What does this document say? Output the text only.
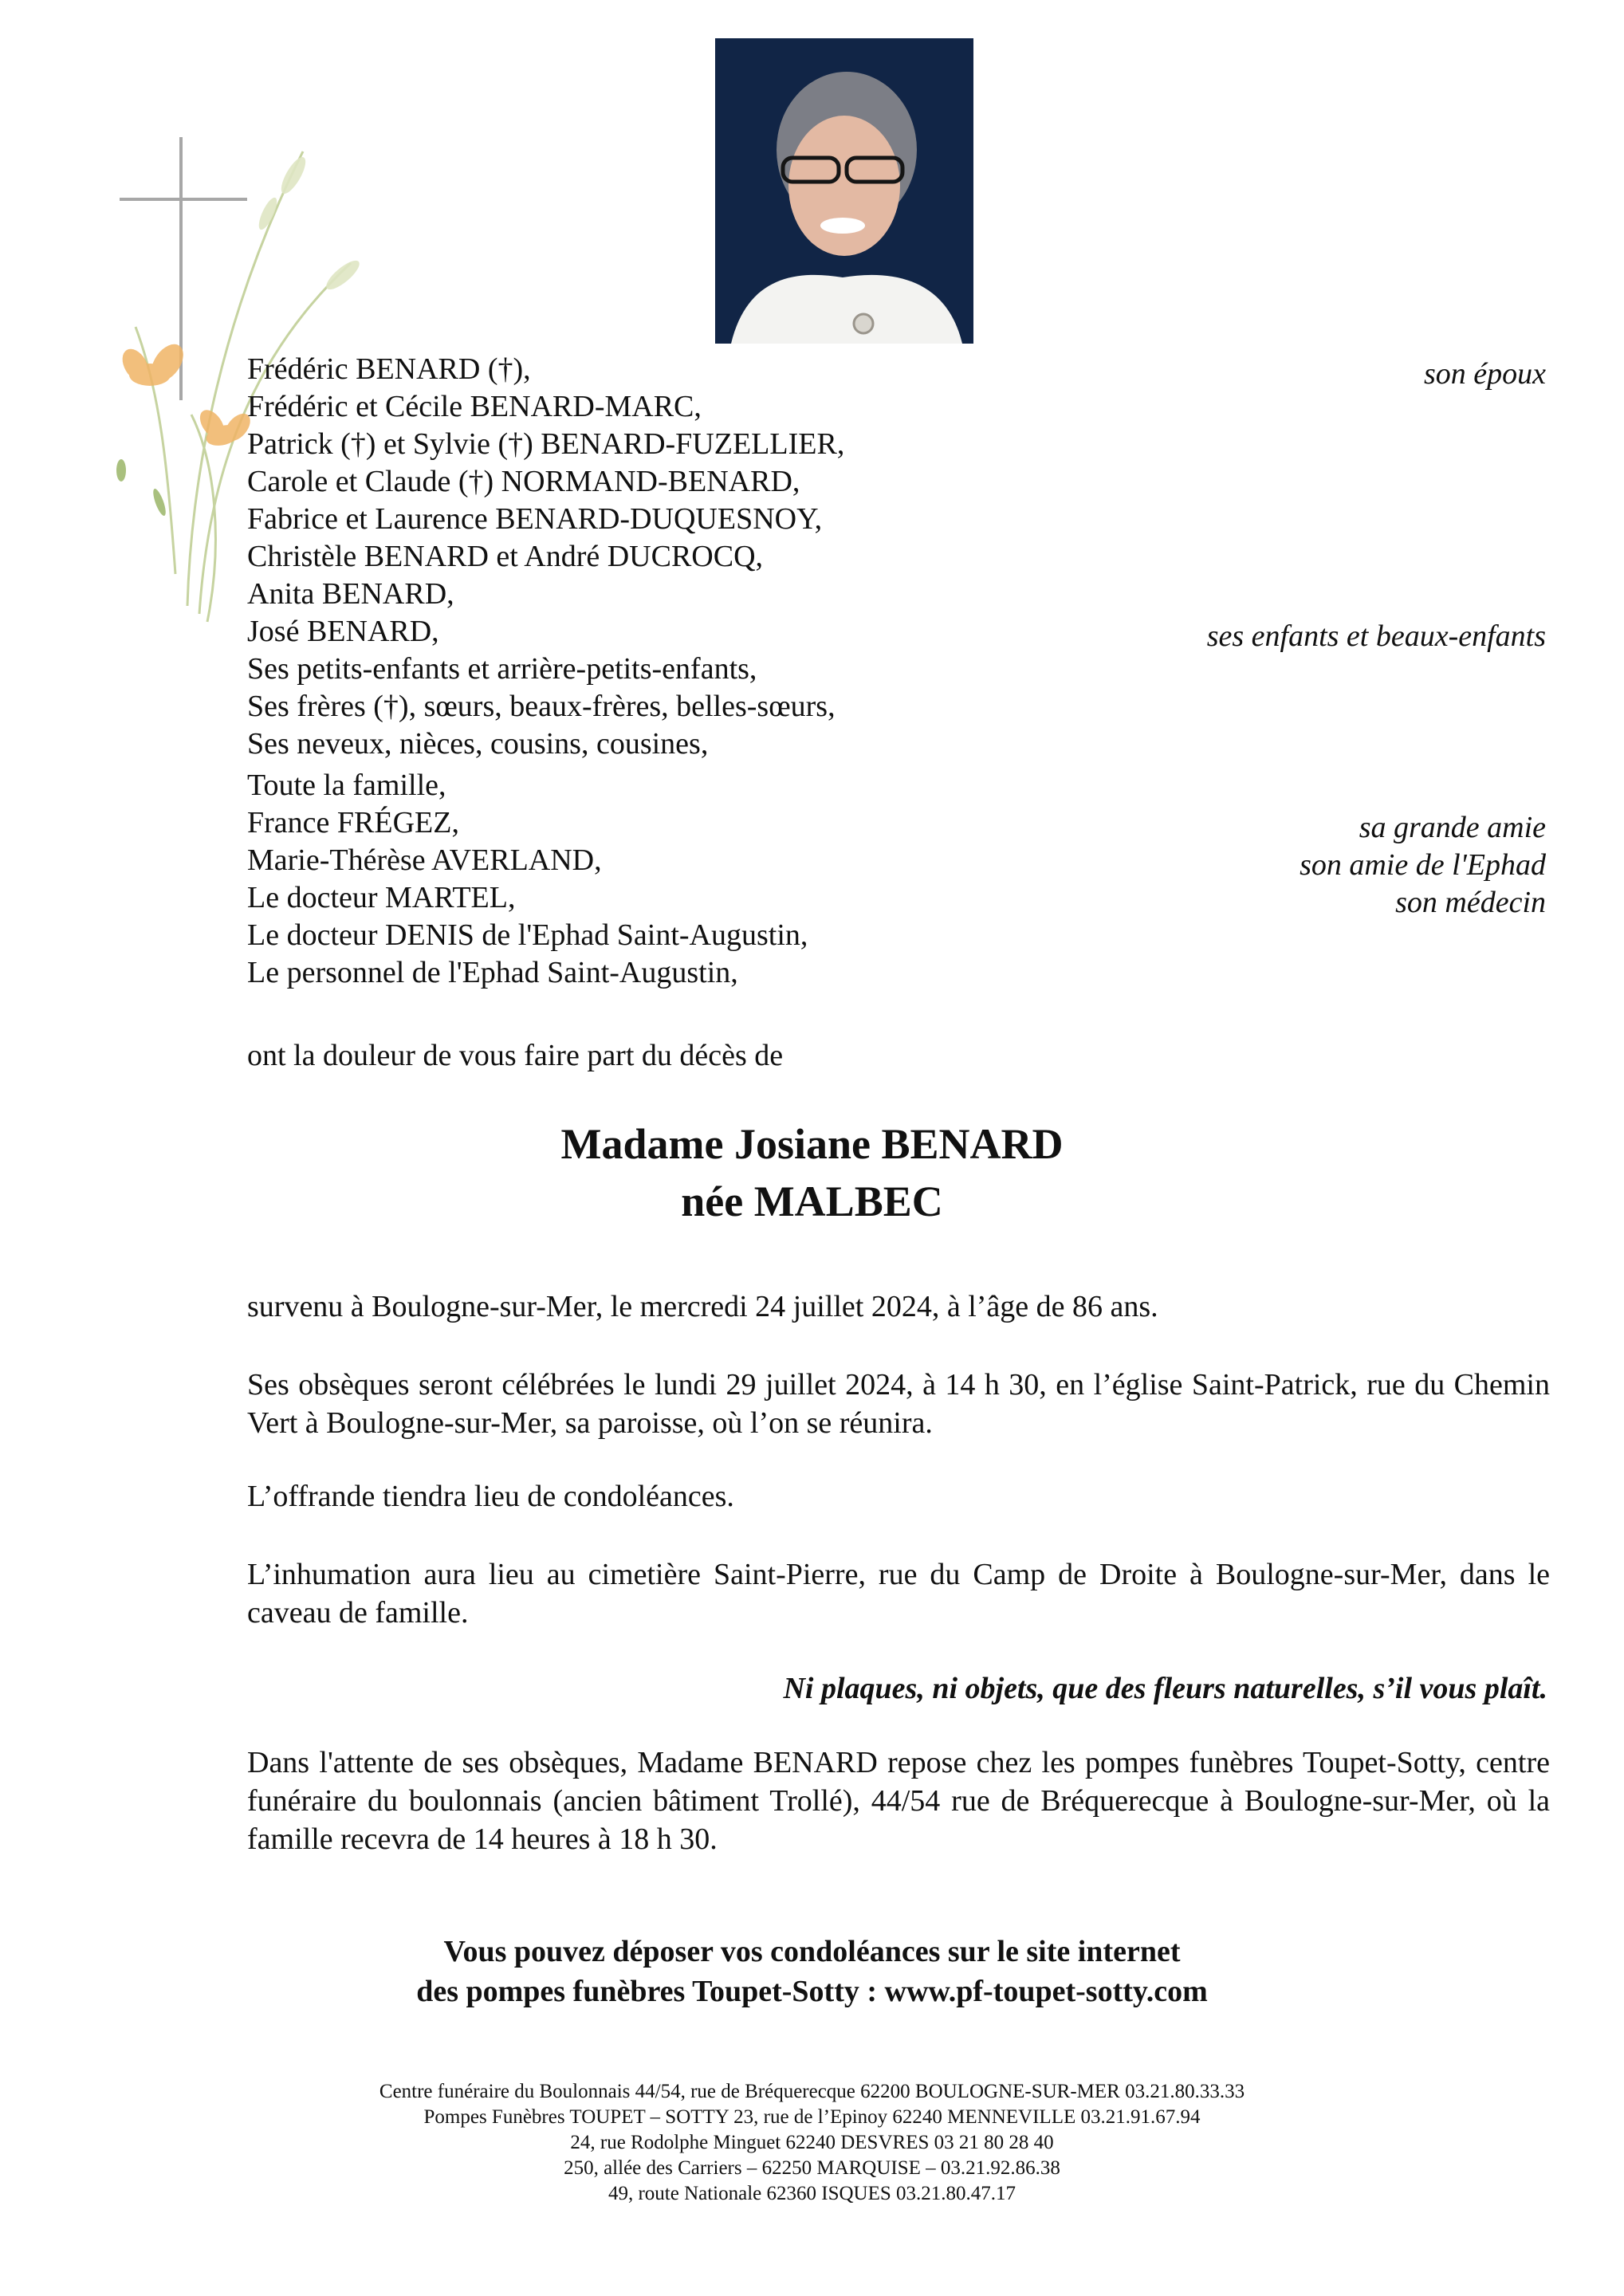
Frédéric BENARD (†),
Frédéric et Cécile BENARD-MARC,
Patrick (†) et Sylvie (†) BENARD-FUZELLIER,
Carole et Claude (†) NORMAND-BENARD,
Fabrice et Laurence BENARD-DUQUESNOY,
Christèle BENARD et André DUCROCQ,
Anita BENARD,
José BENARD,
Ses petits-enfants et arrière-petits-enfants,
Ses frères (†), sœurs, beaux-frères, belles-sœurs,
Ses neveux, nièces, cousins, cousines,
Toute la famille,
France FRÉGEZ,
Marie-Thérèse AVERLAND,
Le docteur MARTEL,
Le docteur DENIS de l'Ephad Saint-Augustin,
Le personnel de l'Ephad Saint-Augustin,
son époux
ses enfants et beaux-enfants
sa grande amie
son amie de l'Ephad
son médecin
ont la douleur de vous faire part du décès de
Madame Josiane BENARD
née MALBEC
survenu à Boulogne-sur-Mer, le mercredi 24 juillet 2024, à l’âge de 86 ans.
Ses obsèques seront célébrées le lundi 29 juillet 2024, à 14 h 30, en l’église Saint-Patrick, rue du Chemin Vert à Boulogne-sur-Mer, sa paroisse, où l’on se réunira.
L’offrande tiendra lieu de condoléances.
L’inhumation aura lieu au cimetière Saint-Pierre, rue du Camp de Droite à Boulogne-sur-Mer, dans le caveau de famille.
Ni plaques, ni objets, que des fleurs naturelles, s’il vous plaît.
Dans l'attente de ses obsèques, Madame BENARD repose chez les pompes funèbres Toupet-Sotty, centre funéraire du boulonnais (ancien bâtiment Trollé), 44/54 rue de Bréquerecque à Boulogne-sur-Mer, où la famille recevra de 14 heures à 18 h 30.
Vous pouvez déposer vos condoléances sur le site internet
des pompes funèbres Toupet-Sotty : www.pf-toupet-sotty.com
Centre funéraire du Boulonnais 44/54, rue de Bréquerecque 62200 BOULOGNE-SUR-MER 03.21.80.33.33
Pompes Funèbres TOUPET – SOTTY 23, rue de l’Epinoy 62240 MENNEVILLE 03.21.91.67.94
24, rue Rodolphe Minguet 62240 DESVRES 03 21 80 28 40
250, allée des Carriers – 62250 MARQUISE – 03.21.92.86.38
49, route Nationale 62360 ISQUES 03.21.80.47.17
